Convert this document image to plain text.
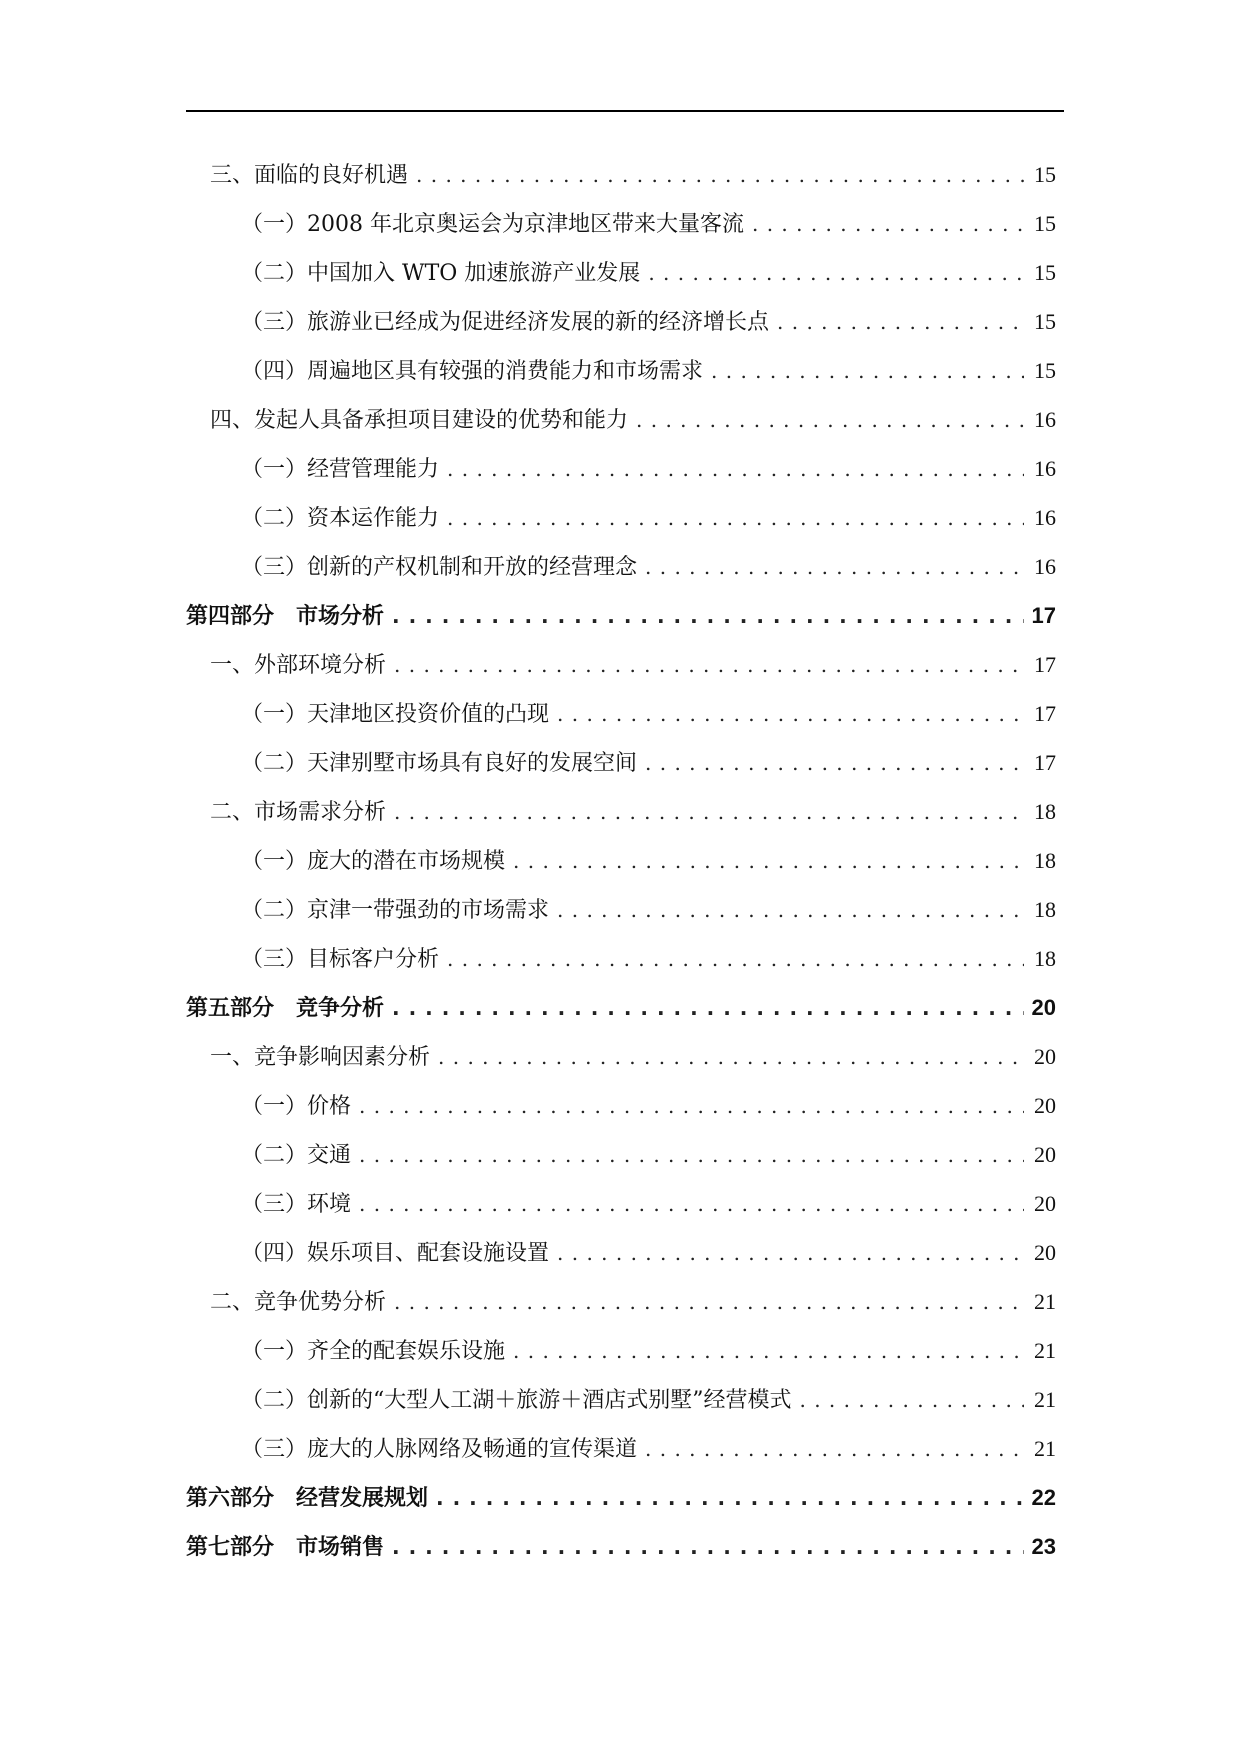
三、面临的良好机遇 . . .	15
（一）2008 年北京奥运会为京津地区带来大量客流 . . .	15
（二）中国加入 WTO 加速旅游产业发展 . . .	15
（三）旅游业已经成为促进经济发展的新的经济增长点 . . .	15
（四）周遍地区具有较强的消费能力和市场需求 . . .	15
四、发起人具备承担项目建设的优势和能力 . . .	16
（一）经营管理能力 . . .	16
（二）资本运作能力 . . .	16
（三）创新的产权机制和开放的经营理念 . . .	16
第四部分　市场分析 . . .	17
一、外部环境分析 . . .	17
（一）天津地区投资价值的凸现 . . .	17
（二）天津别墅市场具有良好的发展空间 . . .	17
二、市场需求分析 . . .	18
（一）庞大的潜在市场规模 . . .	18
（二）京津一带强劲的市场需求 . . .	18
（三）目标客户分析 . . .	18
第五部分　竞争分析 . . .	20
一、竞争影响因素分析 . . .	20
（一）价格 . . .	20
（二）交通 . . .	20
（三）环境 . . .	20
（四）娱乐项目、配套设施设置 . . .	20
二、竞争优势分析 . . .	21
（一）齐全的配套娱乐设施 . . .	21
（二）创新的“大型人工湖＋旅游＋酒店式别墅”经营模式 . . .	21
（三）庞大的人脉网络及畅通的宣传渠道 . . .	21
第六部分　经营发展规划 . . .	22
第七部分　市场销售 . . .	23
